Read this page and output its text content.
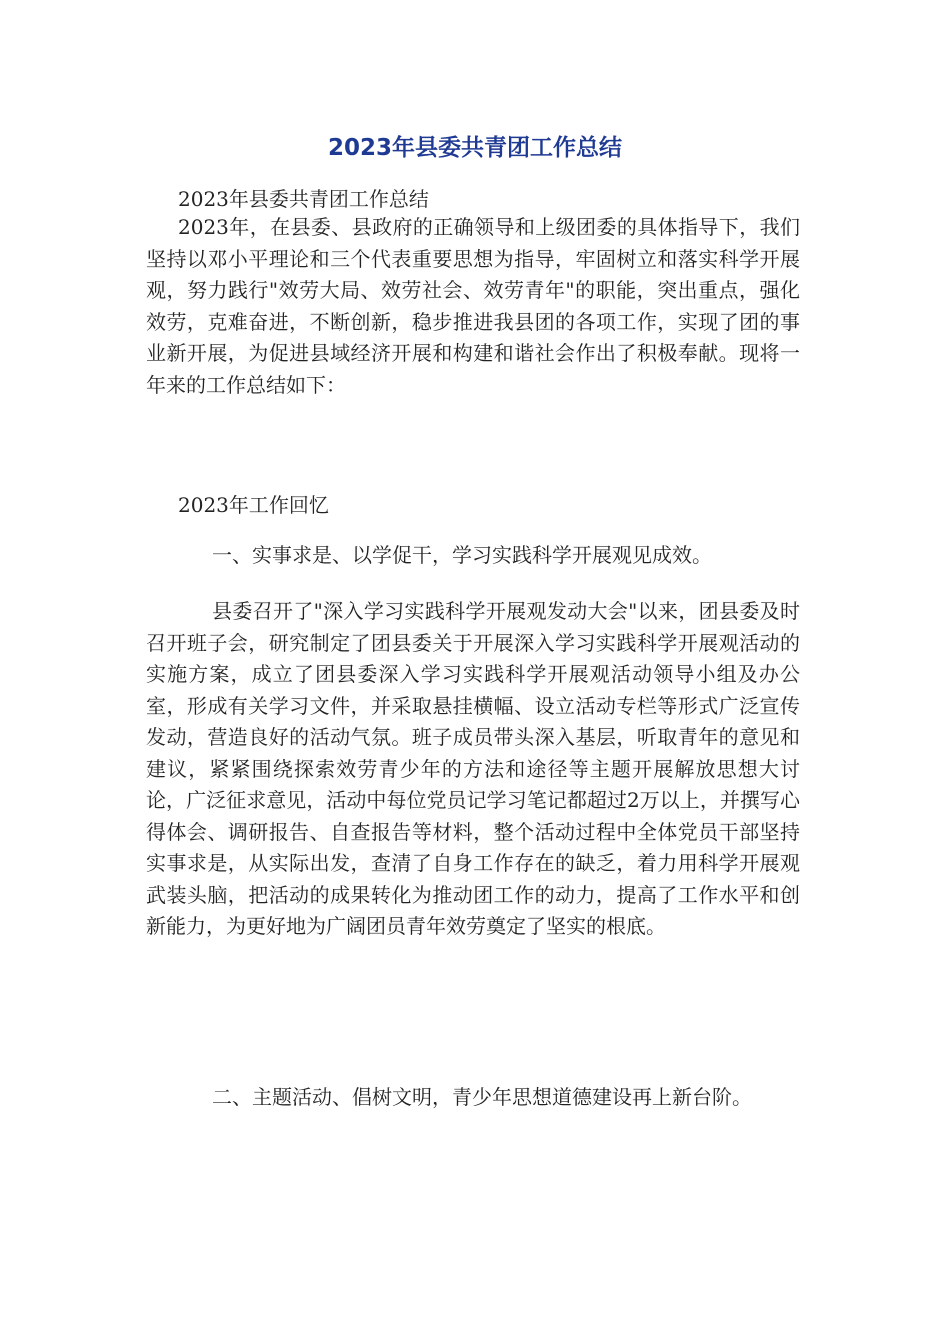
2023年县委共青团工作总结

2023年县委共青团工作总结

2023年，在县委、县政府的正确领导和上级团委的具体指导下，我们坚持以邓小平理论和三个代表重要思想为指导，牢固树立和落实科学开展观，努力践行"效劳大局、效劳社会、效劳青年"的职能，突出重点，强化效劳，克难奋进，不断创新，稳步推进我县团的各项工作，实现了团的事业新开展，为促进县域经济开展和构建和谐社会作出了积极奉献。现将一年来的工作总结如下：

2023年工作回忆

一、实事求是、以学促干，学习实践科学开展观见成效。

县委召开了"深入学习实践科学开展观发动大会"以来，团县委及时召开班子会，研究制定了团县委关于开展深入学习实践科学开展观活动的实施方案，成立了团县委深入学习实践科学开展观活动领导小组及办公室，形成有关学习文件，并采取悬挂横幅、设立活动专栏等形式广泛宣传发动，营造良好的活动气氛。班子成员带头深入基层，听取青年的意见和建议，紧紧围绕探索效劳青少年的方法和途径等主题开展解放思想大讨论，广泛征求意见，活动中每位党员记学习笔记都超过2万以上，并撰写心得体会、调研报告、自查报告等材料，整个活动过程中全体党员干部坚持实事求是，从实际出发，查清了自身工作存在的缺乏，着力用科学开展观武装头脑，把活动的成果转化为推动团工作的动力，提高了工作水平和创新能力，为更好地为广阔团员青年效劳奠定了坚实的根底。

二、主题活动、倡树文明，青少年思想道德建设再上新台阶。
